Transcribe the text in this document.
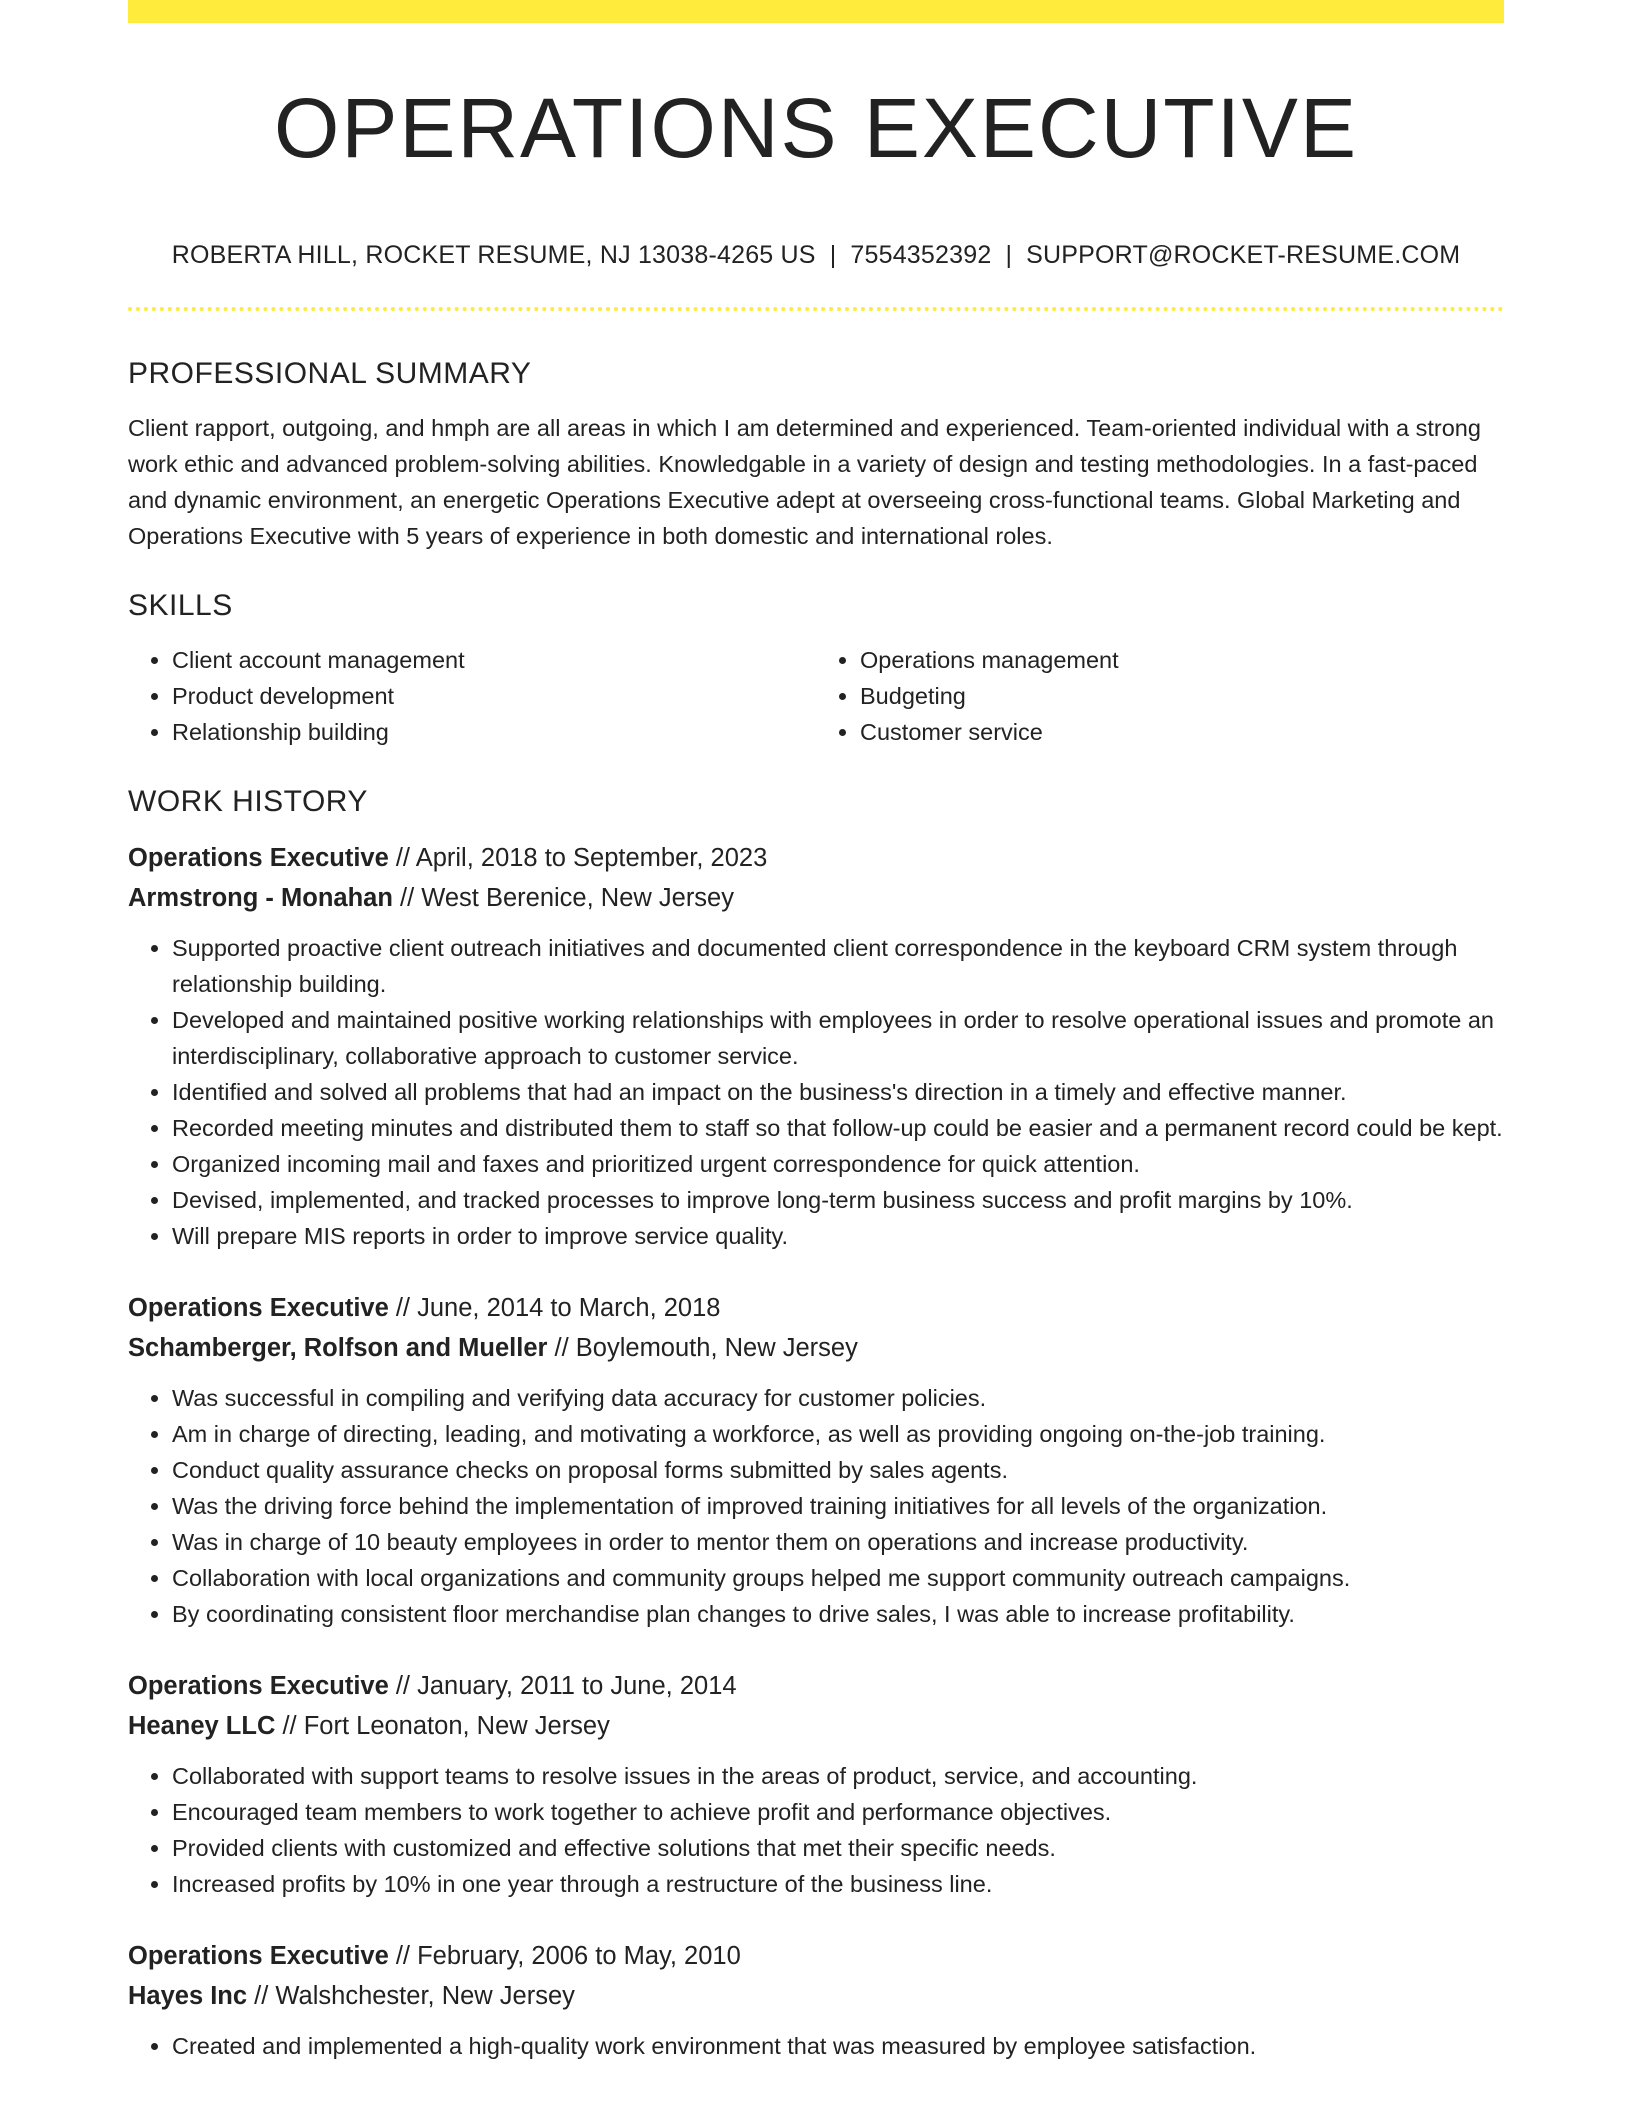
OPERATIONS EXECUTIVE
ROBERTA HILL, ROCKET RESUME, NJ 13038-4265 US | 7554352392 | SUPPORT@ROCKET-RESUME.COM
PROFESSIONAL SUMMARY

Client rapport, outgoing, and hmph are all areas in which I am determined and experienced. Team-oriented individual with a strong work ethic and advanced problem-solving abilities. Knowledgable in a variety of design and testing methodologies. In a fast-paced and dynamic environment, an energetic Operations Executive adept at overseeing cross-functional teams. Global Marketing and Operations Executive with 5 years of experience in both domestic and international roles.

SKILLS
• Client account management
• Product development
• Relationship building
• Operations management
• Budgeting
• Customer service
WORK HISTORY
Operations Executive // April, 2018 to September, 2023
Armstrong - Monahan // West Berenice, New Jersey
• Supported proactive client outreach initiatives and documented client correspondence in the keyboard CRM system through relationship building.
• Developed and maintained positive working relationships with employees in order to resolve operational issues and promote an interdisciplinary, collaborative approach to customer service.
• Identified and solved all problems that had an impact on the business's direction in a timely and effective manner.
• Recorded meeting minutes and distributed them to staff so that follow-up could be easier and a permanent record could be kept.
• Organized incoming mail and faxes and prioritized urgent correspondence for quick attention.
• Devised, implemented, and tracked processes to improve long-term business success and profit margins by 10%.
• Will prepare MIS reports in order to improve service quality.
Operations Executive // June, 2014 to March, 2018
Schamberger, Rolfson and Mueller // Boylemouth, New Jersey
• Was successful in compiling and verifying data accuracy for customer policies.
• Am in charge of directing, leading, and motivating a workforce, as well as providing ongoing on-the-job training.
• Conduct quality assurance checks on proposal forms submitted by sales agents.
• Was the driving force behind the implementation of improved training initiatives for all levels of the organization.
• Was in charge of 10 beauty employees in order to mentor them on operations and increase productivity.
• Collaboration with local organizations and community groups helped me support community outreach campaigns.
• By coordinating consistent floor merchandise plan changes to drive sales, I was able to increase profitability.
Operations Executive // January, 2011 to June, 2014
Heaney LLC // Fort Leonaton, New Jersey
• Collaborated with support teams to resolve issues in the areas of product, service, and accounting.
• Encouraged team members to work together to achieve profit and performance objectives.
• Provided clients with customized and effective solutions that met their specific needs.
• Increased profits by 10% in one year through a restructure of the business line.
Operations Executive // February, 2006 to May, 2010
Hayes Inc // Walshchester, New Jersey
• Created and implemented a high-quality work environment that was measured by employee satisfaction.
